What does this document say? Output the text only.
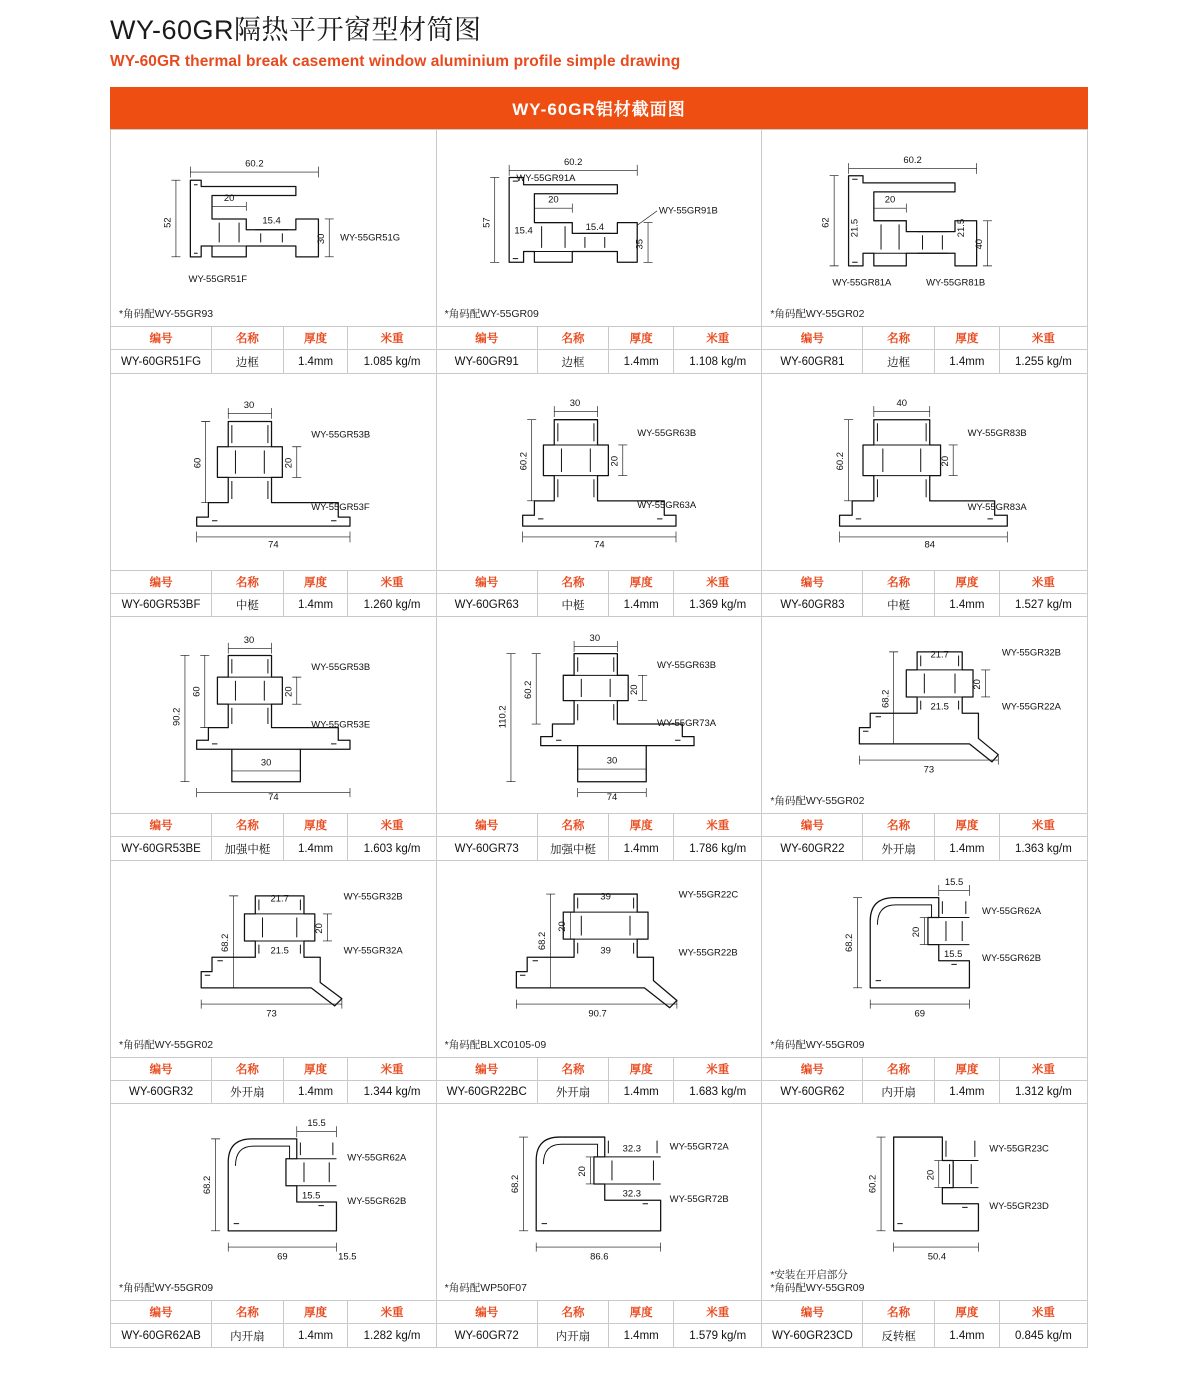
WY-60GR隔热平开窗型材简图

WY-60GR thermal break casement window aluminium profile simple drawing

WY-60GR铝材截面图
60.2
20
52	15.4
30 WY-55GR51G
WY-55GR51F
*角码配WY-55GR93
编号	名称	厚度	米重
WY-60GR51FG	边框	1.4mm	1.085 kg/m
60.2
20
57
15.4	15.4
35
WY-55GR91A
WY-55GR91B
*角码配WY-55GR09
编号	名称	厚度	米重
WY-60GR91	边框	1.4mm	1.108 kg/m
60.2
20
62 21.5	21.5
40
WY-55GR81A	WY-55GR81B
*角码配WY-55GR02
编号	名称	厚度	米重
WY-60GR81	边框	1.4mm	1.255 kg/m
30
60	20
74
WY-55GR53B
WY-55GR53F
编号	名称	厚度	米重
WY-60GR53BF	中梃	1.4mm	1.260 kg/m
30
60.2	20
74
WY-55GR63B
WY-55GR63A
编号	名称	厚度	米重
WY-60GR63	中梃	1.4mm	1.369 kg/m
40
60.2	20
84
WY-55GR83B
WY-55GR83A
编号	名称	厚度	米重
WY-60GR83	中梃	1.4mm	1.527 kg/m
30
90.2
60	20
30
74
WY-55GR53B
WY-55GR53E
编号	名称	厚度	米重
WY-60GR53BE	加强中梃	1.4mm	1.603 kg/m
30
110.2
60.2	20
30
74
WY-55GR63B
WY-55GR73A
编号	名称	厚度	米重
WY-60GR73	加强中梃	1.4mm	1.786 kg/m
68.2
20
21.7
21.5
73
WY-55GR32B
WY-55GR22A
*角码配WY-55GR02
编号	名称	厚度	米重
WY-60GR22	外开扇	1.4mm	1.363 kg/m
68.2
20
21.7
21.5
73
WY-55GR32B
WY-55GR32A
*角码配WY-55GR02
编号	名称	厚度	米重
WY-60GR32	外开扇	1.4mm	1.344 kg/m
68.2
20
39
39
90.7
WY-55GR22C
WY-55GR22B
*角码配BLXC0105-09
编号	名称	厚度	米重
WY-60GR22BC	外开扇	1.4mm	1.683 kg/m
15.5
68.2
20
15.5
69
WY-55GR62A
WY-55GR62B
*角码配WY-55GR09
编号	名称	厚度	米重
WY-60GR62	内开扇	1.4mm	1.312 kg/m
15.5
68.2
15.5
69	15.5
WY-55GR62A
WY-55GR62B
*角码配WY-55GR09
编号	名称	厚度	米重
WY-60GR62AB	内开扇	1.4mm	1.282 kg/m
68.2
20
32.3
32.3
86.6
WY-55GR72A
WY-55GR72B
*角码配WP50F07
编号	名称	厚度	米重
WY-60GR72	内开扇	1.4mm	1.579 kg/m
60.2	20
50.4
WY-55GR23C
WY-55GR23D
*安装在开启部分
*角码配WY-55GR09
编号	名称	厚度	米重
WY-60GR23CD	反转框	1.4mm	0.845 kg/m
